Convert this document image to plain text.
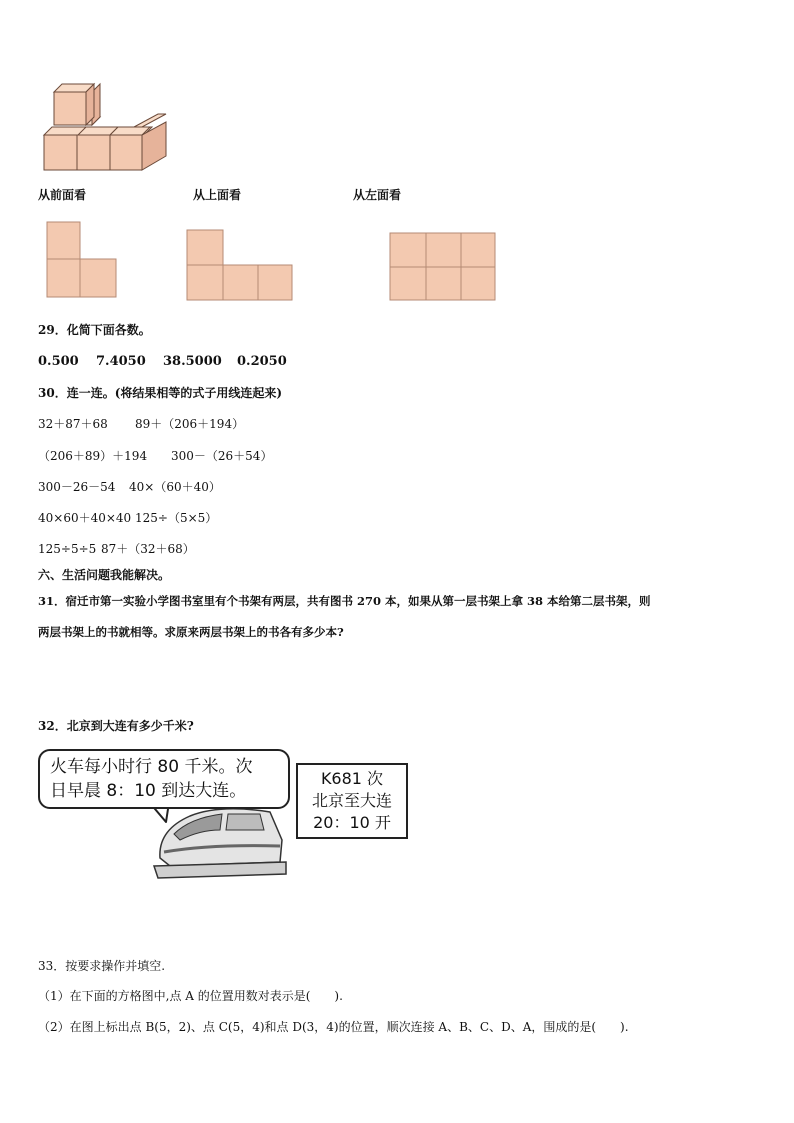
从前面看	从上面看	从左面看
29．化简下面各数。
0.500 7.4050 38.5000 0.2050
30．连一连。(将结果相等的式子用线连起来)
32＋87＋68 89＋（206＋194）
（206＋89）＋194 300－（26＋54）
300－26－54 40×（60＋40）
40×60＋40×40 125÷（5×5）
125÷5÷5 87＋（32＋68）
六、生活问题我能解决。
31．宿迁市第一实验小学图书室里有个书架有两层，共有图书 270 本，如果从第一层书架上拿 38 本给第二层书架，则
两层书架上的书就相等。求原来两层书架上的书各有多少本?
32．北京到大连有多少千米?
火车每小时行 80 千米。次
日早晨 8：10 到达大连。
K681 次
北京至大连
20：10 开
33．按要求操作并填空.
（1）在下面的方格图中,点 A 的位置用数对表示是(　　).
（2）在图上标出点 B(5，2)、点 C(5，4)和点 D(3，4)的位置，顺次连接 A、B、C、D、A，围成的是(　　).
